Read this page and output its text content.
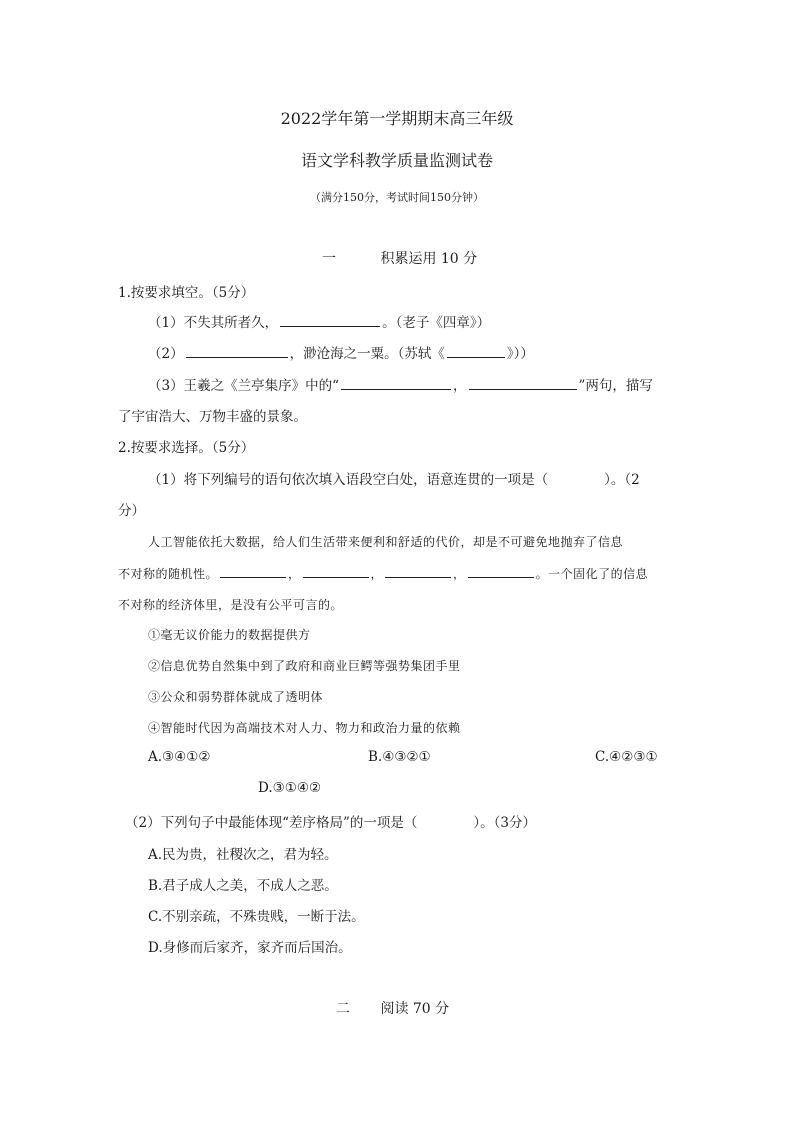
2022学年第一学期期末高三年级
语文学科教学质量监测试卷
（满分150分，考试时间150分钟）
一	积累运用 10 分
1.按要求填空。（5分）
（1）不失其所者久，	。（老子《四章》）
（2）	，渺沧海之一粟。（苏轼《	》））
（3）王羲之《兰亭集序》中的“	，	”两句，描写
了宇宙浩大、万物丰盛的景象。
2.按要求选择。（5分）
（1）将下列编号的语句依次填入语段空白处，语意连贯的一项是（	）。（2
分）
人工智能依托大数据，给人们生活带来便利和舒适的代价，却是不可避免地抛弃了信息
不对称的随机性。	，	，	，	。一个固化了的信息
不对称的经济体里，是没有公平可言的。
①毫无议价能力的数据提供方
②信息优势自然集中到了政府和商业巨鳄等强势集团手里
③公众和弱势群体就成了透明体
④智能时代因为高端技术对人力、物力和政治力量的依赖
A.③④①②	B.④③②①	C.④②③①
D.③①④②
（2）下列句子中最能体现“差序格局”的一项是（	）。（3分）
A.民为贵，社稷次之，君为轻。
B.君子成人之美，不成人之恶。
C.不别亲疏，不殊贵贱，一断于法。
D.身修而后家齐，家齐而后国治。
二 阅读 70 分
